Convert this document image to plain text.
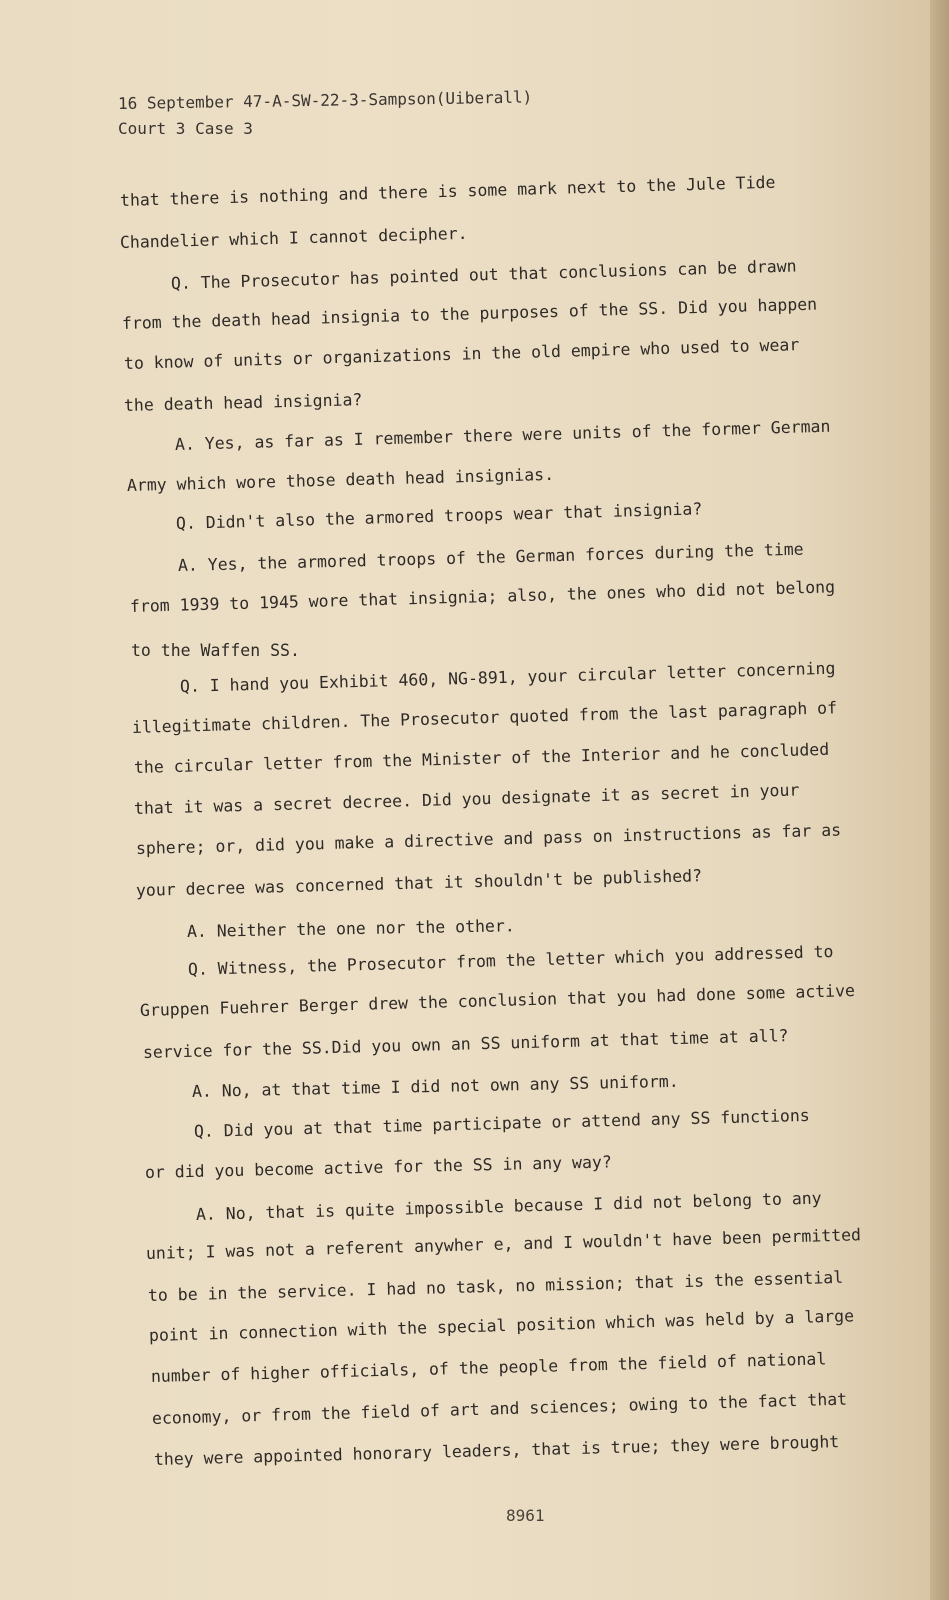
16 September 47-A-SW-22-3-Sampson(Uiberall)
Court 3 Case 3
that there is nothing and there is some mark next to the Jule Tide
Chandelier which I cannot decipher.
Q. The Prosecutor has pointed out that conclusions can be drawn
from the death head insignia to the purposes of the SS. Did you happen
to know of units or organizations in the old empire who used to wear
the death head insignia?
A. Yes, as far as I remember there were units of the former German
Army which wore those death head insignias.
Q. Didn't also the armored troops wear that insignia?
A. Yes, the armored troops of the German forces during the time
from 1939 to 1945 wore that insignia; also, the ones who did not belong
to the Waffen SS.
Q. I hand you Exhibit 460, NG-891, your circular letter concerning
illegitimate children. The Prosecutor quoted from the last paragraph of
the circular letter from the Minister of the Interior and he concluded
that it was a secret decree. Did you designate it as secret in your
sphere; or, did you make a directive and pass on instructions as far as
your decree was concerned that it shouldn't be published?
A. Neither the one nor the other.
Q. Witness, the Prosecutor from the letter which you addressed to
Gruppen Fuehrer Berger drew the conclusion that you had done some active
service for the SS.Did you own an SS uniform at that time at all?
A. No, at that time I did not own any SS uniform.
Q. Did you at that time participate or attend any SS functions
or did you become active for the SS in any way?
A. No, that is quite impossible because I did not belong to any
unit; I was not a referent anywher e, and I wouldn't have been permitted
to be in the service. I had no task, no mission; that is the essential
point in connection with the special position which was held by a large
number of higher officials, of the people from the field of national
economy, or from the field of art and sciences; owing to the fact that
they were appointed honorary leaders, that is true; they were brought
8961
